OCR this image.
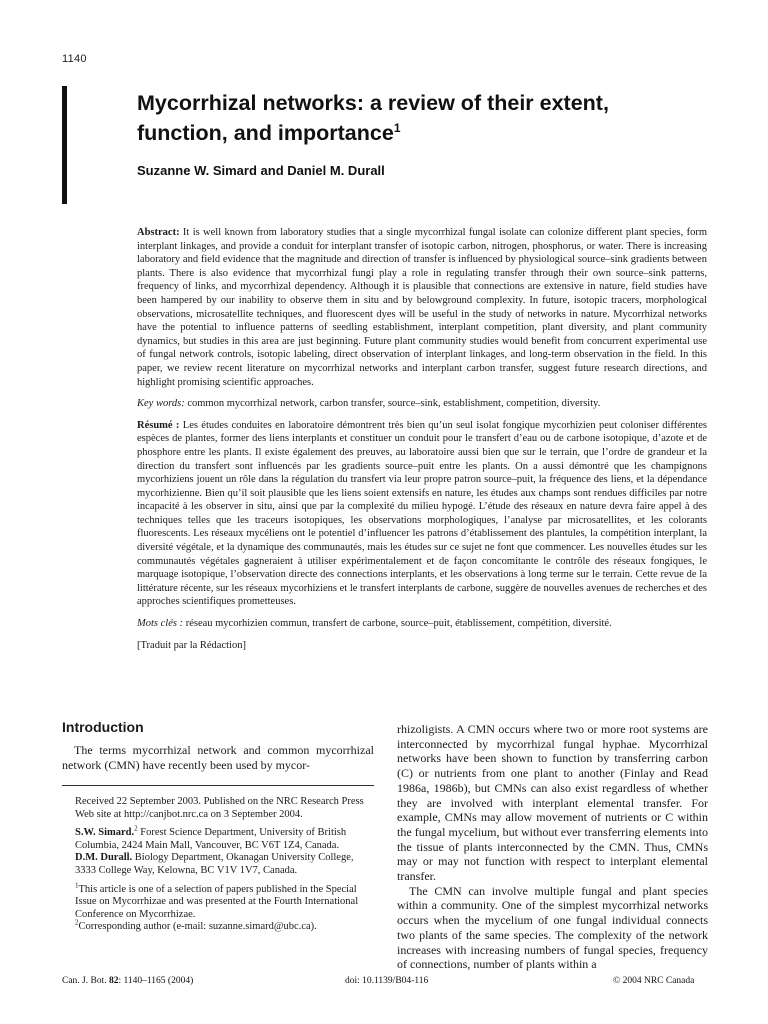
1140
Mycorrhizal networks: a review of their extent, function, and importance$^1$
Suzanne W. Simard and Daniel M. Durall

Abstract: It is well known from laboratory studies that a single mycorrhizal fungal isolate can colonize different plant species, form interplant linkages, and provide a conduit for interplant transfer of isotopic carbon, nitrogen, phosphorus, or water. There is increasing laboratory and field evidence that the magnitude and direction of transfer is influenced by physiological source–sink gradients between plants. There is also evidence that mycorrhizal fungi play a role in regulating transfer through their own source–sink patterns, frequency of links, and mycorrhizal dependency. Although it is plausible that connections are extensive in nature, field studies have been hampered by our inability to observe them in situ and by belowground complexity. In future, isotopic tracers, morphological observations, microsatellite techniques, and fluorescent dyes will be useful in the study of networks in nature. Mycorrhizal networks have the potential to influence patterns of seedling establishment, interplant competition, plant diversity, and plant community dynamics, but studies in this area are just beginning. Future plant community studies would benefit from concurrent experimental use of fungal network controls, isotopic labeling, direct observation of interplant linkages, and long-term observation in the field. In this paper, we review recent literature on mycorrhizal networks and interplant carbon transfer, suggest future research directions, and highlight promising scientific approaches.

Key words: common mycorrhizal network, carbon transfer, source–sink, establishment, competition, diversity.

Résumé : Les études conduites en laboratoire démontrent très bien qu’un seul isolat fongique mycorhizien peut coloniser différentes espèces de plantes, former des liens interplants et constituer un conduit pour le transfert d’eau ou de carbone isotopique, d’azote et de phosphore entre les plants. Il existe également des preuves, au laboratoire aussi bien que sur le terrain, que l’ordre de grandeur et la direction du transfert sont influencés par les gradients source–puit entre les plants. On a aussi démontré que les champignons mycorhiziens jouent un rôle dans la régulation du transfert via leur propre patron source–puit, la fréquence des liens, et la dépendance mycorhizienne. Bien qu’il soit plausible que les liens soient extensifs en nature, les études aux champs sont rendues difficiles par notre incapacité à les observer in situ, ainsi que par la complexité du milieu hypogé. L’étude des réseaux en nature devra faire appel à des techniques telles que les traceurs isotopiques, les observations morphologiques, l’analyse par microsatellites, et les colorants fluorescents. Les réseaux mycéliens ont le potentiel d’influencer les patrons d’établissement des plantules, la compétition interplant, la diversité végétale, et la dynamique des communautés, mais les études sur ce sujet ne font que commencer. Les nouvelles études sur les communautés végétales gagneraient à utiliser expérimentalement et de façon concomitante le contrôle des réseaux fongiques, le marquage isotopique, l’observation directe des connections interplants, et les observations à long terme sur le terrain. Cette revue de la littérature récente, sur les réseaux mycorhiziens et le transfert interplants de carbone, suggère de nouvelles avenues de recherches et des approches scientifiques prometteuses.

Mots clés : réseau mycorhizien commun, transfert de carbone, source–puit, établissement, compétition, diversité.

[Traduit par la Rédaction]

Introduction

The terms mycorrhizal network and common mycorrhizal network (CMN) have recently been used by mycor-

Received 22 September 2003. Published on the NRC Research Press Web site at http://canjbot.nrc.ca on 3 September 2004.

S.W. Simard.$^2$ Forest Science Department, University of British Columbia, 2424 Main Mall, Vancouver, BC V6T 1Z4, Canada.

D.M. Durall. Biology Department, Okanagan University College, 3333 College Way, Kelowna, BC V1V 1V7, Canada.

$^1$This article is one of a selection of papers published in the Special Issue on Mycorrhizae and was presented at the Fourth International Conference on Mycorrhizae.

$^2$Corresponding author (e-mail: suzanne.simard@ubc.ca).

rhizoligists. A CMN occurs where two or more root systems are interconnected by mycorrhizal fungal hyphae. Mycorrhizal networks have been shown to function by transferring carbon (C) or nutrients from one plant to another (Finlay and Read 1986a, 1986b), but CMNs can also exist regardless of whether they are involved with interplant elemental transfer. For example, CMNs may allow movement of nutrients or C within the fungal mycelium, but without ever transferring elements into the tissue of plants interconnected by the CMN. Thus, CMNs may or may not function with respect to interplant elemental transfer.

The CMN can involve multiple fungal and plant species within a community. One of the simplest mycorrhizal networks occurs when the mycelium of one fungal individual connects two plants of the same species. The complexity of the network increases with increasing numbers of fungal species, frequency of connections, number of plants within a

Can. J. Bot. 82: 1140–1165 (2004)	doi: 10.1139/B04-116	© 2004 NRC Canada
